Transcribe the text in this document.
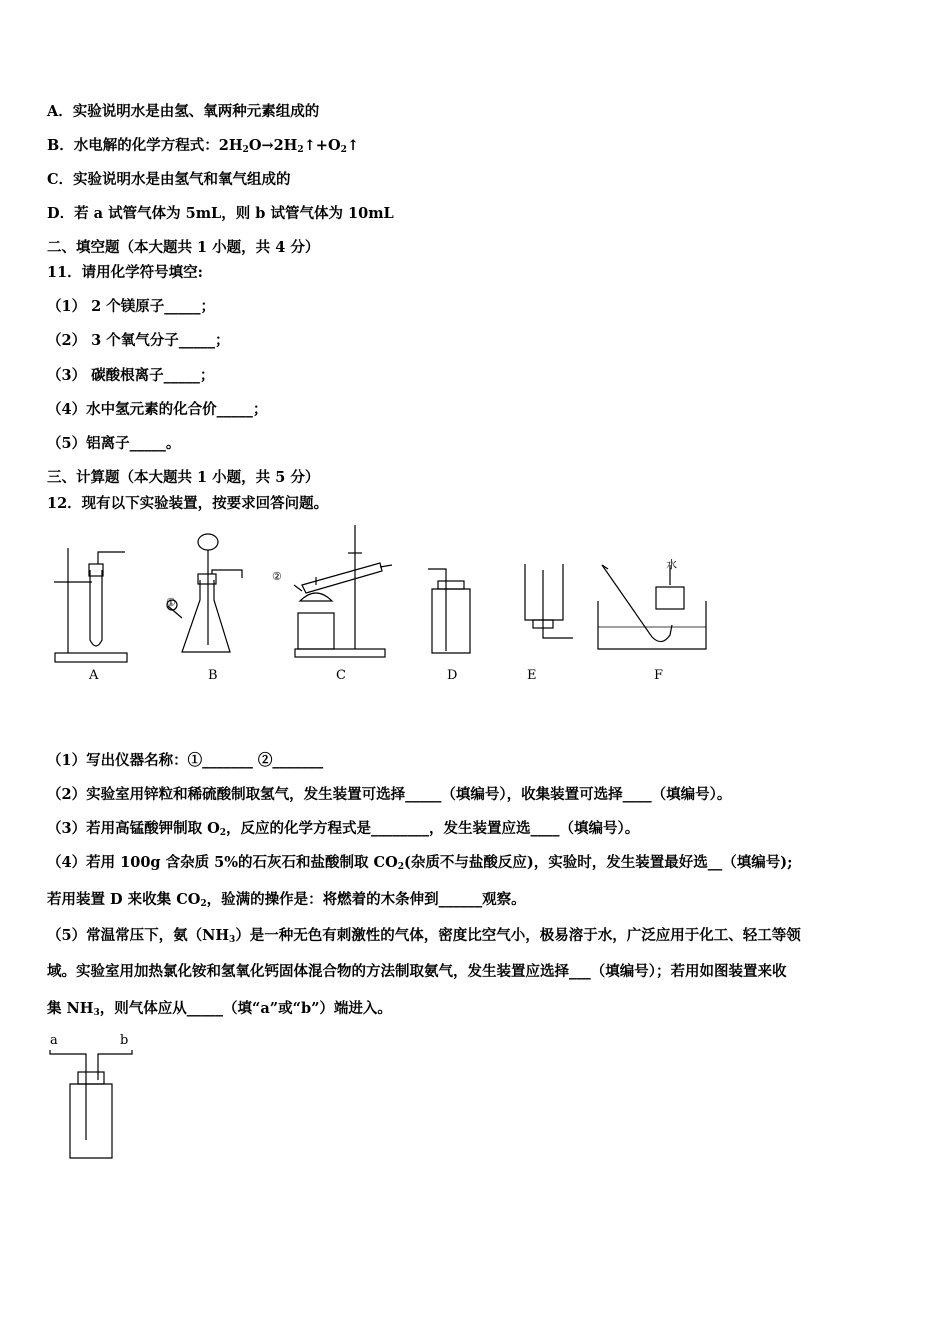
A．实验说明水是由氢、氧两种元素组成的
B．水电解的化学方程式：$2H_2O\to 2H_2↑+O_2↑$
C．实验说明水是由氢气和氧气组成的
D．若 a 试管气体为 5mL，则 b 试管气体为 10mL
二、填空题（本大题共 1 小题，共 4 分）
11．请用化学符号填空:
（1） 2 个镁原子_____；
（2） 3 个氧气分子_____；
（3） 碳酸根离子_____；
（4）水中氢元素的化合价_____；
（5）铝离子_____。
三、计算题（本大题共 1 小题，共 5 分）
12．现有以下实验装置，按要求回答问题。
A	B
①
C
②
D	E
水
F
（1）写出仪器名称：①_______ ②_______
（2）实验室用锌粒和稀硫酸制取氢气，发生装置可选择_____（填编号），收集装置可选择____（填编号）。
（3）若用高锰酸钾制取 $O_2$，反应的化学方程式是________，发生装置应选____（填编号）。
（4）若用 100g 含杂质 5%的石灰石和盐酸制取 $CO_2$(杂质不与盐酸反应)，实验时，发生装置最好选__（填编号);
若用装置 D 来收集 $CO_2$，验满的操作是：将燃着的木条伸到______观察。
（5）常温常压下，氨$(NH_3)$是一种无色有刺激性的气体，密度比空气小，极易溶于水，广泛应用于化工、轻工等领
域。实验室用加热氯化铵和氢氧化钙固体混合物的方法制取氨气，发生装置应选择___（填编号）；若用如图装置来收
集 $NH_3$，则气体应从_____（填“a”或“b”）端进入。
a	b
